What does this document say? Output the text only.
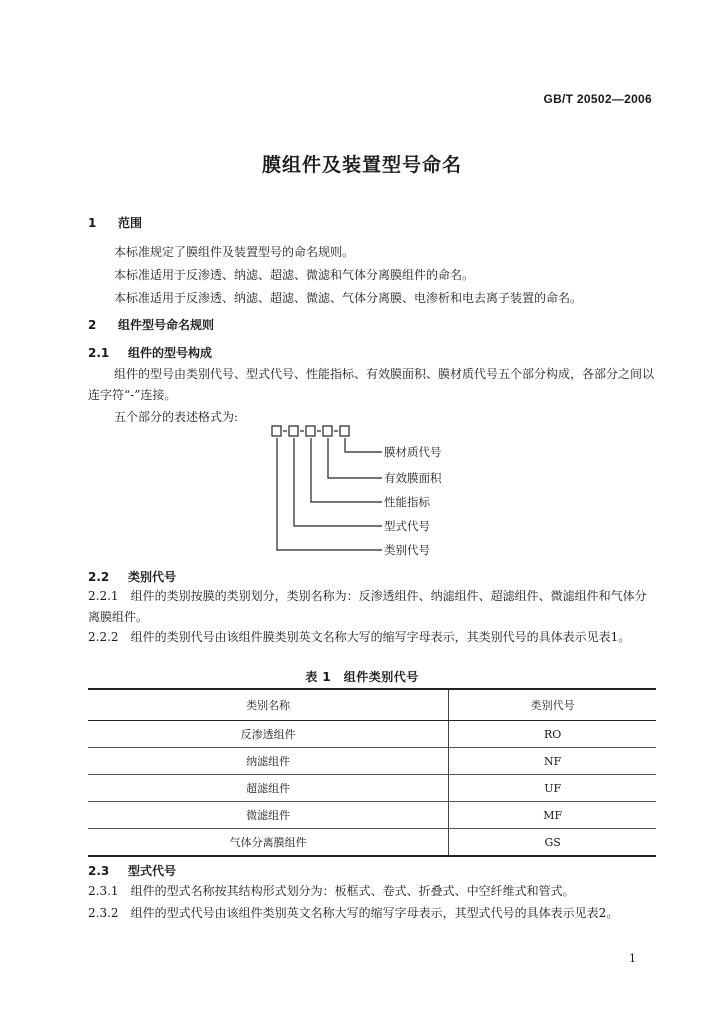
GB/T 20502—2006
膜组件及装置型号命名
1 范围
本标准规定了膜组件及装置型号的命名规则。
本标准适用于反渗透、纳滤、超滤、微滤和气体分离膜组件的命名。
本标准适用于反渗透、纳滤、超滤、微滤、气体分离膜、电渗析和电去离子装置的命名。
2 组件型号命名规则
2.1 组件的型号构成
组件的型号由类别代号、型式代号、性能指标、有效膜面积、膜材质代号五个部分构成，各部分之间以连字符“-”连接。
五个部分的表述格式为:
膜材质代号
有效膜面积
性能指标
型式代号
类别代号
2.2 类别代号
2.2.1　 组件的类别按膜的类别划分，类别名称为：反渗透组件、纳滤组件、超滤组件、微滤组件和气体分离膜组件。
2.2.2　 组件的类别代号由该组件膜类别英文名称大写的缩写字母表示，其类别代号的具体表示见表1。
表 1　组件类别代号
类别名称	类别代号
反渗透组件	RO
纳滤组件	NF
超滤组件	UF
微滤组件	MF
气体分离膜组件	GS
2.3 型式代号
2.3.1　 组件的型式名称按其结构形式划分为：板框式、卷式、折叠式、中空纤维式和管式。
2.3.2　 组件的型式代号由该组件类别英文名称大写的缩写字母表示，其型式代号的具体表示见表2。
1
